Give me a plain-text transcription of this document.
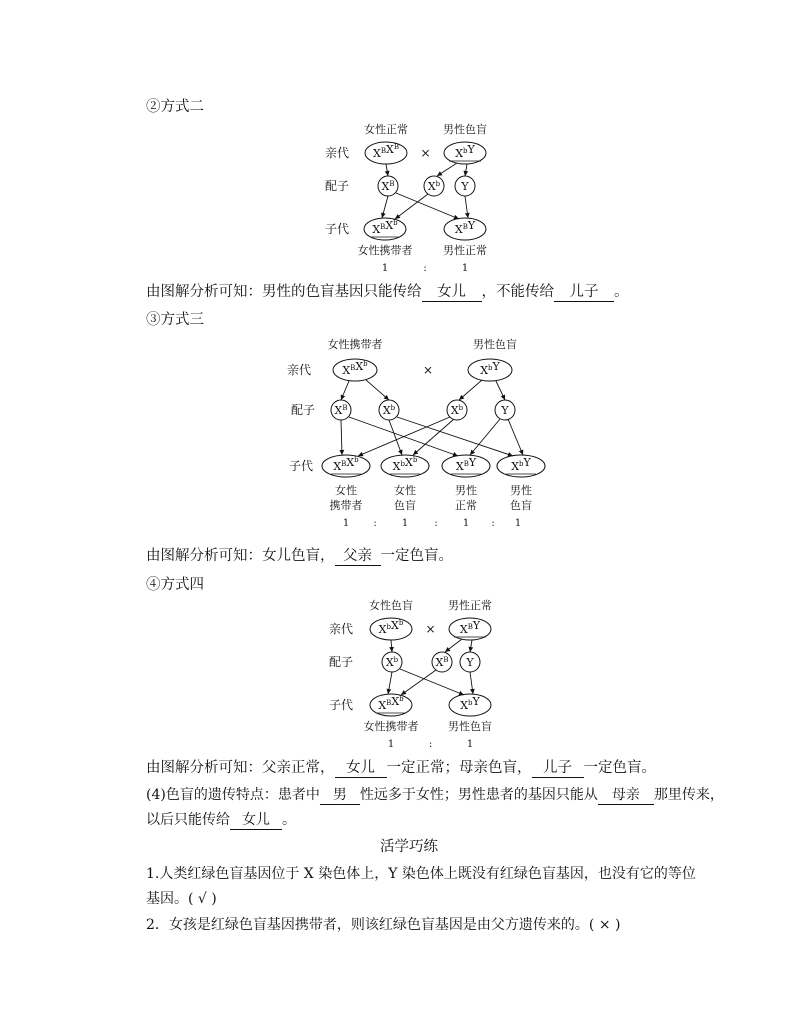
②方式二
亲代
配子
子代
女性正常	男性色盲
$X^BX^B \times X^bY$
$X^B$	$X^b$ Y
$X^BX^b$	$X^BY$
女性携带者	男性正常
1	:	1
由图解分析可知：男性的色盲基因只能传给 女儿 ，不能传给 儿子 。
③方式三
亲代
配子
子代
女性携带者	男性色盲
$X^BX^b$	×	$X^bY$
$X^B$	$X^b$	$X^b$	Y
$X^BX^b$	$X^bX^b$	$X^BY$	$X^bY$
女性
携带者
女性
色盲
男性
正常
男性
色盲
1 :	1	:	1 : 1
由图解分析可知：女儿色盲， 父亲 一定色盲。
④方式四
亲代
配子
子代
女性色盲	男性正常
$X^bX^b \times X^BY$
$X^b$	$X^B$ Y
$X^BX^b$	$X^bY$
女性携带者	男性色盲
1	:	1
由图解分析可知：父亲正常， 女儿 一定正常；母亲色盲， 儿子 一定色盲。
(4)色盲的遗传特点：患者中 男 性远多于女性；男性患者的基因只能从 母亲 那里传来，
以后只能传给 女儿 。
活学巧练
1.人类红绿色盲基因位于 X 染色体上，Y 染色体上既没有红绿色盲基因，也没有它的等位
基因。( √ )
2．女孩是红绿色盲基因携带者，则该红绿色盲基因是由父方遗传来的。( × )
